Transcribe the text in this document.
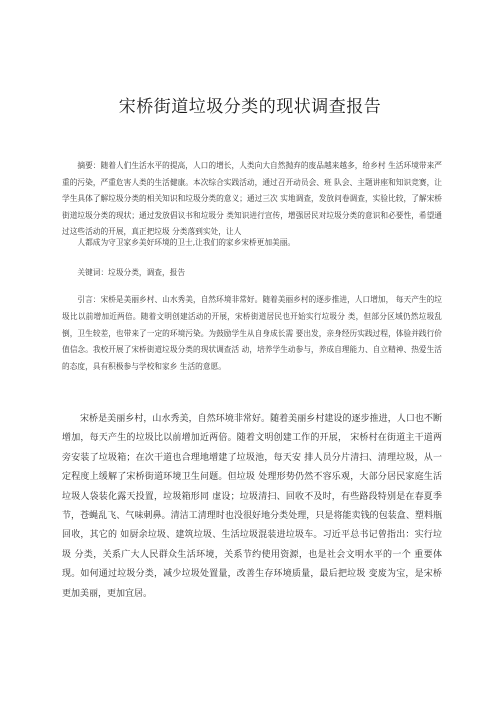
宋桥街道垃圾分类的现状调查报告
摘要：随着人们生活水平的提高，人口的增长，人类向大自然抛弃的废品越来越多，给乡村 生活环境带来严重的污染，严重危害人类的生活健康。本次综合实践活动，通过召开动员会、班 队会、主题讲座和知识竞赛，让学生具体了解垃圾分类的相关知识和垃圾分类的意义；通过三次 实地调查，发放问卷调查，实验比较，了解宋桥街道垃圾分类的现状；通过发放倡议书和垃圾分 类知识进行宣传，增强居民对垃圾分类的意识和必要性，希望通过这些活动的开展，真正把垃圾 分类落到实处，让人
人都成为守卫家乡美好环境的卫士,让我们的家乡宋桥更加美丽。
关键词：垃圾分类，调查，报告
引言：宋桥是美丽乡村、山水秀美，自然环境非常好。随着美丽乡村的逐步推进，人口增加， 每天产生的垃圾比以前增加近两倍。随着文明创建活动的开展，宋桥街道居民也开始实行垃圾分 类，但部分区域仍然垃圾乱倒，卫生较差，也带来了一定的环境污染。为鼓励学生从自身成长需 要出发，亲身经历实践过程，体验并践行价值信念。我校开展了宋桥街道垃圾分类的现状调查活 动，培养学生动参与，养成自理能力、自立精神、热爱生活的态度，具有积极参与学校和家乡 生活的意愿。
宋桥是美丽乡村，山水秀美，自然环境非常好。随着美丽乡村建设的逐步推进，人口也不断增加，每天产生的垃圾比以前增加近两倍。随着文明创建工作的开展， 宋桥村在街道主干道两旁安装了垃圾箱；在次干道也合理地增建了垃圾池，每天安 排人员分片清扫、清理垃圾，从一定程度上缓解了宋桥街道环境卫生问题。但垃圾 处理形势仍然不容乐观，大部分居民家庭生活垃圾人袋装化露天投置，垃圾箱形同 虚设；垃圾清扫、回收不及时，有些路段特别是在春夏季节，苍蝇乱飞、气味刺鼻。清洁工清理时也没很好地分类处理，只是将能卖钱的包装盒、塑料瓶回收，其它的 如厨余垃圾、建筑垃圾、生活垃圾混装进垃圾车。习近平总书记曾指出：实行垃圾 分类，关系广大人民群众生活环境，关系节约使用资源，也是社会文明水平的一个 重要体现。如何通过垃圾分类，减少垃圾处置量，改善生存环境质量，最后把垃圾 变废为宝，是宋桥更加美丽，更加宜居。
